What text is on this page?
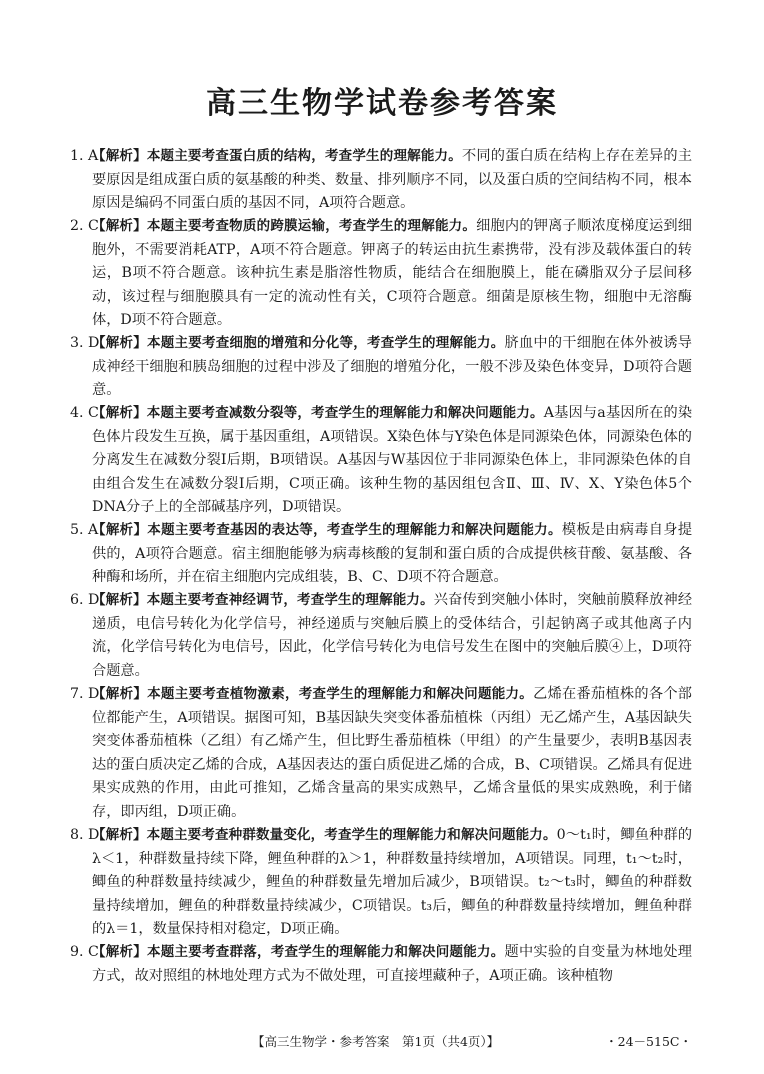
高三生物学试卷参考答案
1. A
【解析】本题主要考查蛋白质的结构，考查学生的理解能力。不同的蛋白质在结构上存在差异的主要原因是组成蛋白质的氨基酸的种类、数量、排列顺序不同，以及蛋白质的空间结构不同，根本原因是编码不同蛋白质的基因不同，A项符合题意。
2. C
【解析】本题主要考查物质的跨膜运输，考查学生的理解能力。细胞内的钾离子顺浓度梯度运到细胞外，不需要消耗ATP，A项不符合题意。钾离子的转运由抗生素携带，没有涉及载体蛋白的转运，B项不符合题意。该种抗生素是脂溶性物质，能结合在细胞膜上，能在磷脂双分子层间移动，该过程与细胞膜具有一定的流动性有关，C项符合题意。细菌是原核生物，细胞中无溶酶体，D项不符合题意。
3. D
【解析】本题主要考查细胞的增殖和分化等，考查学生的理解能力。脐血中的干细胞在体外被诱导成神经干细胞和胰岛细胞的过程中涉及了细胞的增殖分化，一般不涉及染色体变异，D项符合题意。
4. C
【解析】本题主要考查减数分裂等，考查学生的理解能力和解决问题能力。A基因与a基因所在的染色体片段发生互换，属于基因重组，A项错误。X染色体与Y染色体是同源染色体，同源染色体的分离发生在减数分裂Ⅰ后期，B项错误。A基因与W基因位于非同源染色体上，非同源染色体的自由组合发生在减数分裂Ⅰ后期，C项正确。该种生物的基因组包含Ⅱ、Ⅲ、Ⅳ、X、Y染色体5个DNA分子上的全部碱基序列，D项错误。
5. A
【解析】本题主要考查基因的表达等，考查学生的理解能力和解决问题能力。模板是由病毒自身提供的，A项符合题意。宿主细胞能够为病毒核酸的复制和蛋白质的合成提供核苷酸、氨基酸、各种酶和场所，并在宿主细胞内完成组装，B、C、D项不符合题意。
6. D
【解析】本题主要考查神经调节，考查学生的理解能力。兴奋传到突触小体时，突触前膜释放神经递质，电信号转化为化学信号，神经递质与突触后膜上的受体结合，引起钠离子或其他离子内流，化学信号转化为电信号，因此，化学信号转化为电信号发生在图中的突触后膜④上，D项符合题意。
7. D
【解析】本题主要考查植物激素，考查学生的理解能力和解决问题能力。乙烯在番茄植株的各个部位都能产生，A项错误。据图可知，B基因缺失突变体番茄植株（丙组）无乙烯产生，A基因缺失突变体番茄植株（乙组）有乙烯产生，但比野生番茄植株（甲组）的产生量要少，表明B基因表达的蛋白质决定乙烯的合成，A基因表达的蛋白质促进乙烯的合成，B、C项错误。乙烯具有促进果实成熟的作用，由此可推知，乙烯含量高的果实成熟早，乙烯含量低的果实成熟晚，利于储存，即丙组，D项正确。
8. D
【解析】本题主要考查种群数量变化，考查学生的理解能力和解决问题能力。0～t₁时，鲫鱼种群的λ＜1，种群数量持续下降，鲤鱼种群的λ＞1，种群数量持续增加，A项错误。同理，t₁～t₂时，鲫鱼的种群数量持续减少，鲤鱼的种群数量先增加后减少，B项错误。t₂～t₃时，鲫鱼的种群数量持续增加，鲤鱼的种群数量持续减少，C项错误。t₃后，鲫鱼的种群数量持续增加，鲤鱼种群的λ＝1，数量保持相对稳定，D项正确。
9. C
【解析】本题主要考查群落，考查学生的理解能力和解决问题能力。题中实验的自变量为林地处理方式，故对照组的林地处理方式为不做处理，可直接埋藏种子，A项正确。该种植物
【高三生物学・参考答案　第1页（共4页）】	・24－515C・
